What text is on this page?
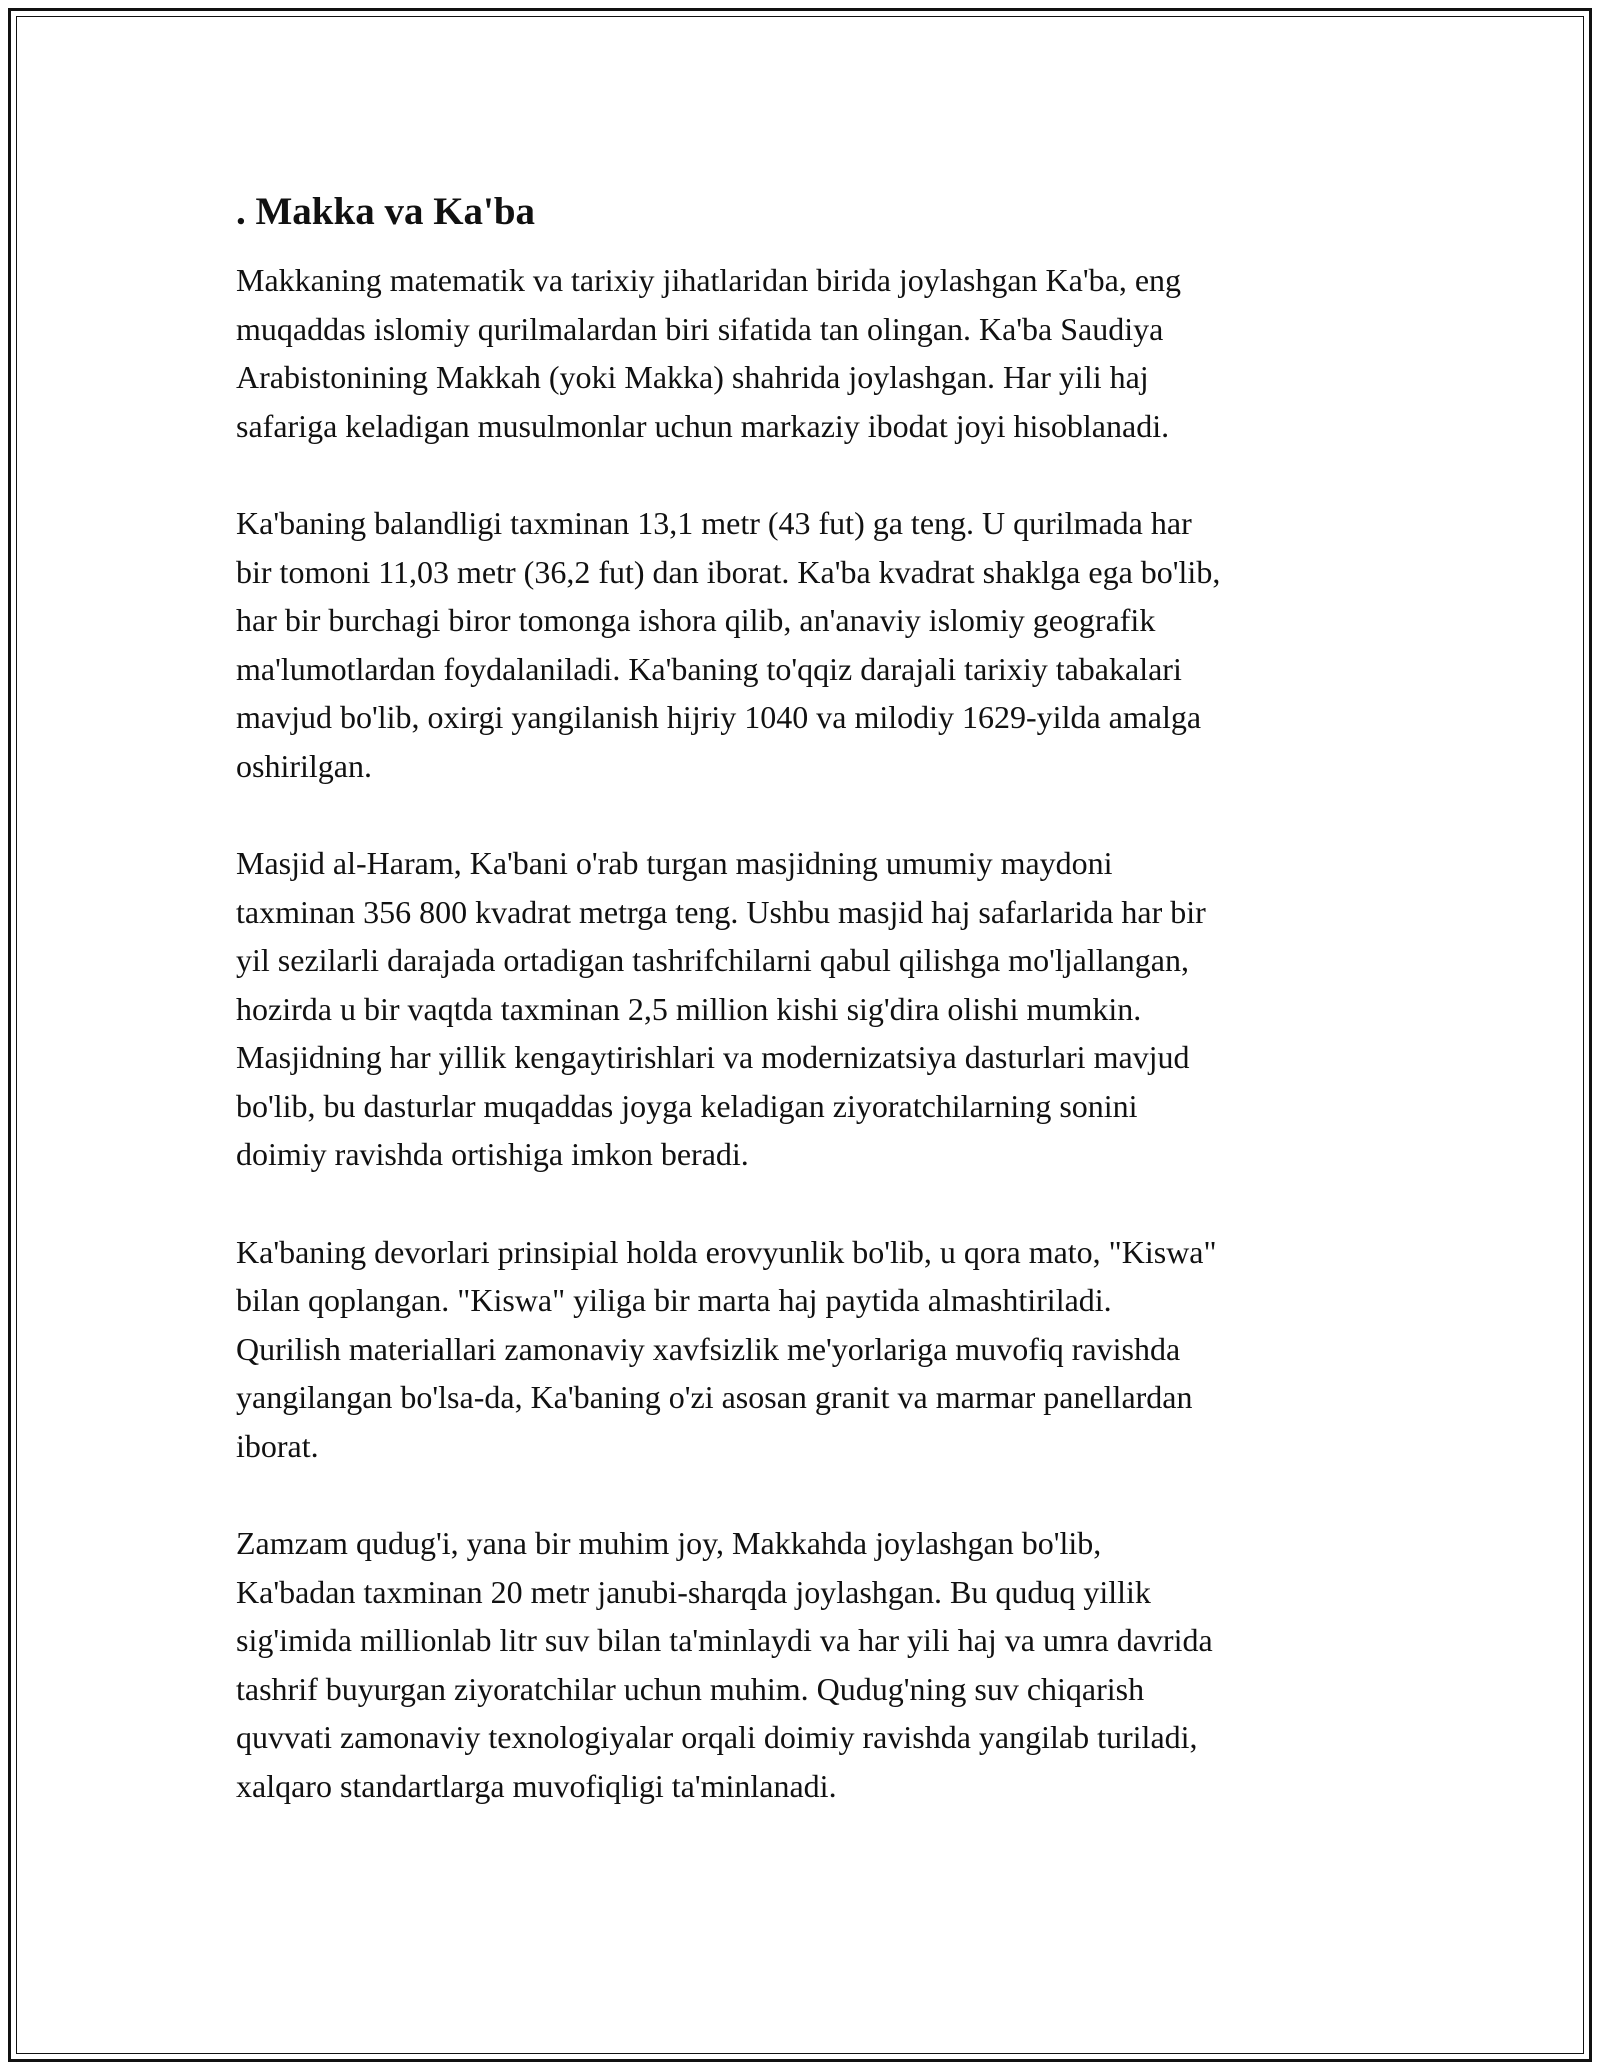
. Makka va Ka'ba

Makkaning matematik va tarixiy jihatlaridan birida joylashgan Ka'ba, eng
muqaddas islomiy qurilmalardan biri sifatida tan olingan. Ka'ba Saudiya
Arabistonining Makkah (yoki Makka) shahrida joylashgan. Har yili haj
safariga keladigan musulmonlar uchun markaziy ibodat joyi hisoblanadi.

Ka'baning balandligi taxminan 13,1 metr (43 fut) ga teng. U qurilmada har
bir tomoni 11,03 metr (36,2 fut) dan iborat. Ka'ba kvadrat shaklga ega bo'lib,
har bir burchagi biror tomonga ishora qilib, an'anaviy islomiy geografik
ma'lumotlardan foydalaniladi. Ka'baning to'qqiz darajali tarixiy tabakalari
mavjud bo'lib, oxirgi yangilanish hijriy 1040 va milodiy 1629-yilda amalga
oshirilgan.

Masjid al-Haram, Ka'bani o'rab turgan masjidning umumiy maydoni
taxminan 356 800 kvadrat metrga teng. Ushbu masjid haj safarlarida har bir
yil sezilarli darajada ortadigan tashrifchilarni qabul qilishga mo'ljallangan,
hozirda u bir vaqtda taxminan 2,5 million kishi sig'dira olishi mumkin.
Masjidning har yillik kengaytirishlari va modernizatsiya dasturlari mavjud
bo'lib, bu dasturlar muqaddas joyga keladigan ziyoratchilarning sonini
doimiy ravishda ortishiga imkon beradi.

Ka'baning devorlari prinsipial holda erovyunlik bo'lib, u qora mato, "Kiswa"
bilan qoplangan. "Kiswa" yiliga bir marta haj paytida almashtiriladi.
Qurilish materiallari zamonaviy xavfsizlik me'yorlariga muvofiq ravishda
yangilangan bo'lsa-da, Ka'baning o'zi asosan granit va marmar panellardan
iborat.

Zamzam qudug'i, yana bir muhim joy, Makkahda joylashgan bo'lib,
Ka'badan taxminan 20 metr janubi-sharqda joylashgan. Bu quduq yillik
sig'imida millionlab litr suv bilan ta'minlaydi va har yili haj va umra davrida
tashrif buyurgan ziyoratchilar uchun muhim. Qudug'ning suv chiqarish
quvvati zamonaviy texnologiyalar orqali doimiy ravishda yangilab turiladi,
xalqaro standartlarga muvofiqligi ta'minlanadi.
